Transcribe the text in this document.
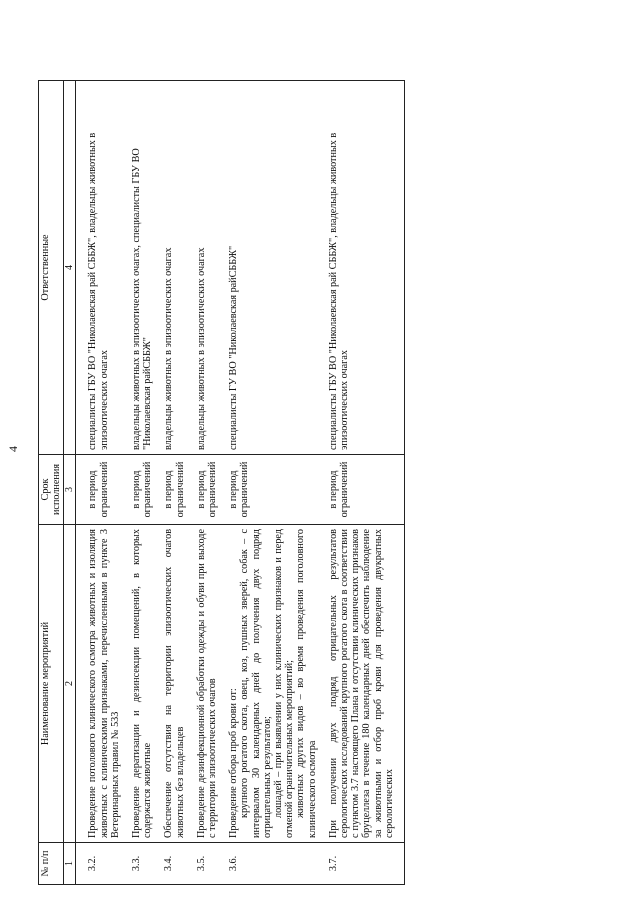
4
№ п/п	Наименование мероприятий	Срок исполнения	Ответственные
1	2	3	4
3.2.	Проведение потолового клинического осмотра животных и изоляция животных с клиническими признаками, перечисленными в пункте 3 Ветеринарных правил № 533	в период ограничений	специалисты ГБУ ВО "Николаевская рай СББЖ", владельцы животных в эпизоотических очагах
3.3.	Проведение дератизации и дезинсекции помещений, в которых содержатся животные	в период ограничений	владельцы животных в эпизоотических очагах, специалисты ГБУ ВО "Николаевская райСББЖ"
3.4.	Обеспечение отсутствия на территории эпизоотических очагов животных без владельцев	в период ограничений	владельцы животных в эпизоотических очагах
3.5.	Проведение дезинфекционной обработки одежды и обуви при выходе с территории эпизоотических очагов	в период ограничений	владельцы животных в эпизоотических очагах
3.6.	Проведение отбора проб крови от: крупного рогатого скота, овец, коз, пушных зверей, собак – с интервалом 30 календарных дней до получения двух подряд отрицательных результатов; лошадей – при выявлении у них клинических признаков и перед отменой ограничительных мероприятий; животных других видов – во время проведения поголовного клинического осмотра	в период ограничений	специалисты ГУ ВО "Николаевская райСББЖ"
3.7.	При получении двух подряд отрицательных результатов серологических исследований крупного рогатого скота в соответствии с пунктом 3.7 настоящего Плана и отсутствии клинических признаков бруцеллеза в течение 180 календарных дней обеспечить наблюдение за животными и отбор проб крови для проведения двукратных серологических	в период ограничений	специалисты ГБУ ВО "Николаевская рай СББЖ", владельцы животных в эпизоотических очагах
